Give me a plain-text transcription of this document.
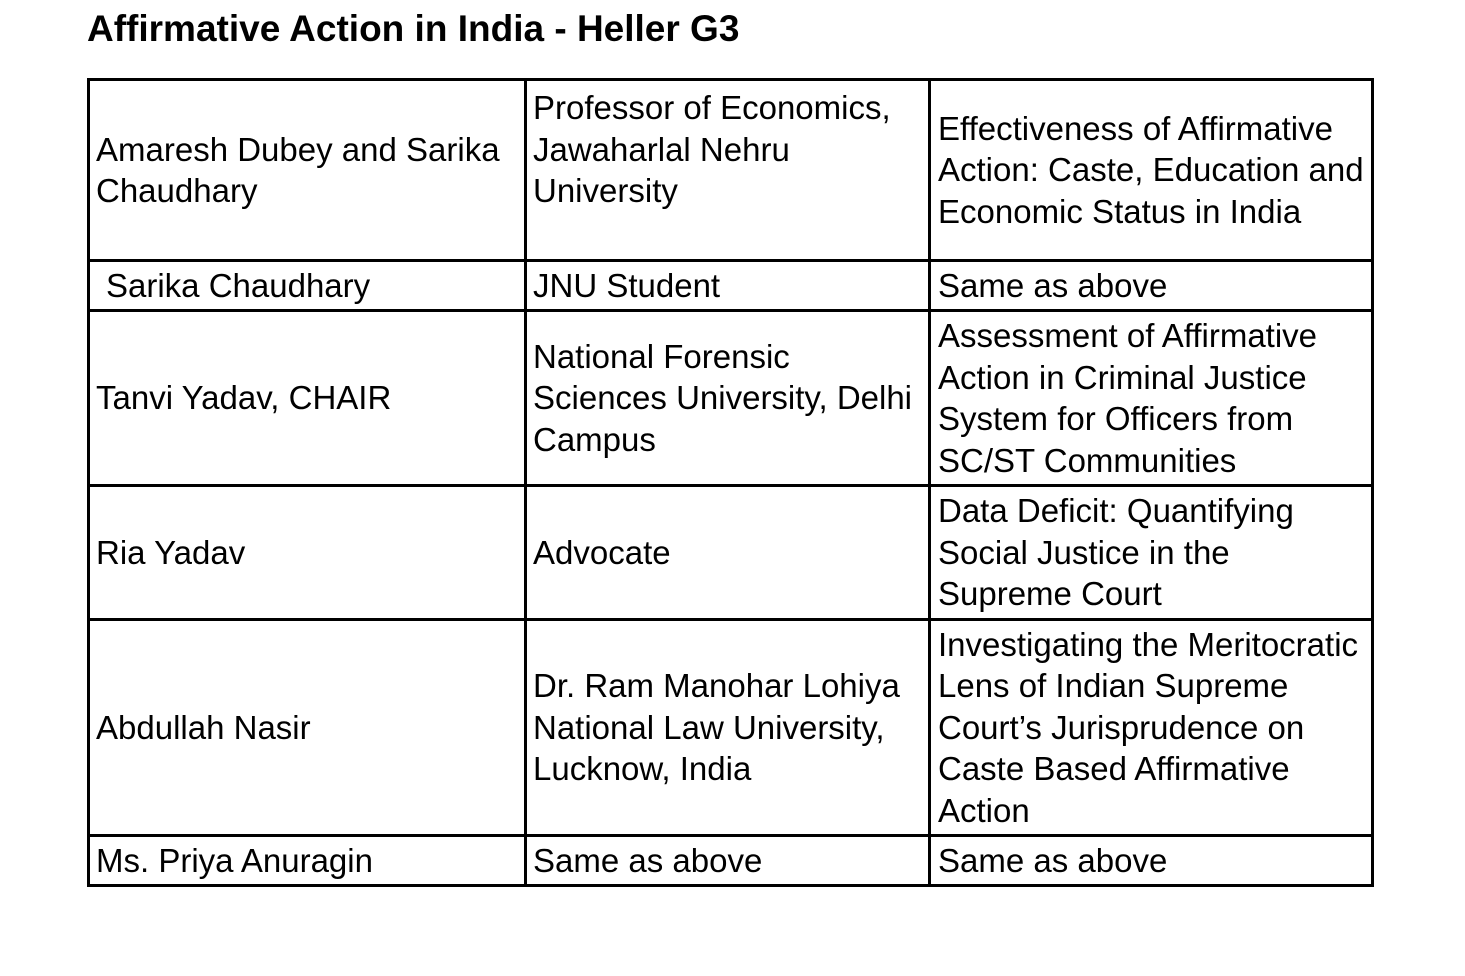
Affirmative Action in India - Heller G3
Amaresh Dubey and Sarika Chaudhary	Professor of Economics, Jawaharlal Nehru University	Effectiveness of Affirmative Action: Caste, Education and Economic Status in India
Sarika Chaudhary	JNU Student	Same as above
Tanvi Yadav, CHAIR	National Forensic Sciences University, Delhi Campus	Assessment of Affirmative Action in Criminal Justice System for Officers from SC/ST Communities
Ria Yadav	Advocate	Data Deficit: Quantifying Social Justice in the Supreme Court
Abdullah Nasir	Dr. Ram Manohar Lohiya National Law University, Lucknow, India	Investigating the Meritocratic Lens of Indian Supreme Court’s Jurisprudence on Caste Based Affirmative Action
Ms. Priya Anuragin	Same as above	Same as above
